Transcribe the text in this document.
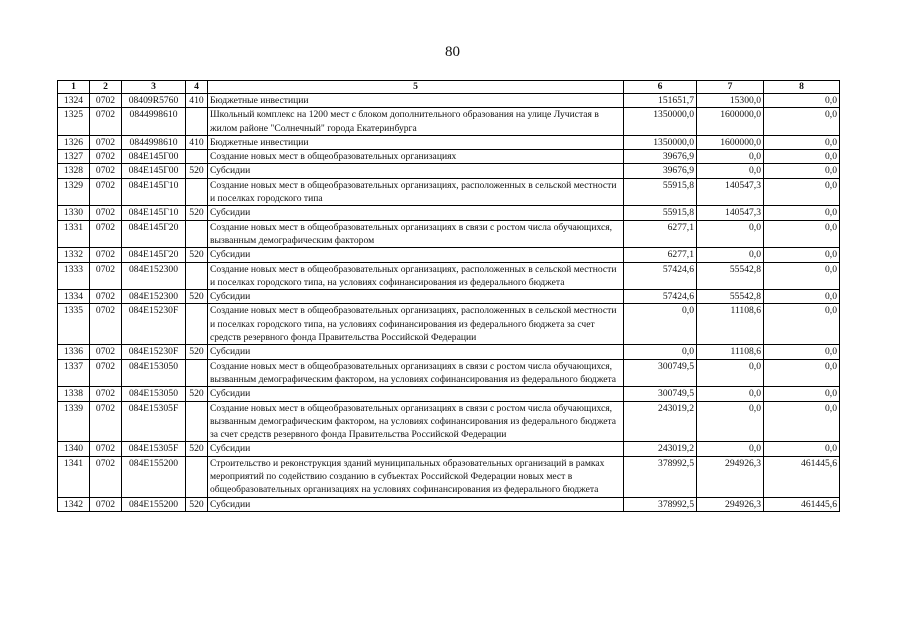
80
1	2	3	4	5	6	7	8
1324	0702	08409R5760	410	Бюджетные инвестиции	151651,7	15300,0	0,0
1325	0702	0844998610		Школьный комплекс на 1200 мест с блоком дополнительного образования на улице Лучистая в жилом районе "Солнечный" города Екатеринбурга	1350000,0	1600000,0	0,0
1326	0702	0844998610	410	Бюджетные инвестиции	1350000,0	1600000,0	0,0
1327	0702	084E145Г00		Создание новых мест в общеобразовательных организациях	39676,9	0,0	0,0
1328	0702	084E145Г00	520	Субсидии	39676,9	0,0	0,0
1329	0702	084E145Г10		Создание новых мест в общеобразовательных организациях, расположенных в сельской местности и поселках городского типа	55915,8	140547,3	0,0
1330	0702	084E145Г10	520	Субсидии	55915,8	140547,3	0,0
1331	0702	084E145Г20		Создание новых мест в общеобразовательных организациях в связи с ростом числа обучающихся, вызванным демографическим фактором	6277,1	0,0	0,0
1332	0702	084E145Г20	520	Субсидии	6277,1	0,0	0,0
1333	0702	084E152300		Создание новых мест в общеобразовательных организациях, расположенных в сельской местности и поселках городского типа, на условиях софинансирования из федерального бюджета	57424,6	55542,8	0,0
1334	0702	084E152300	520	Субсидии	57424,6	55542,8	0,0
1335	0702	084E15230F		Создание новых мест в общеобразовательных организациях, расположенных в сельской местности и поселках городского типа, на условиях софинансирования из федерального бюджета за счет средств резервного фонда Правительства Российской Федерации	0,0	11108,6	0,0
1336	0702	084E15230F	520	Субсидии	0,0	11108,6	0,0
1337	0702	084E153050		Создание новых мест в общеобразовательных организациях в связи с ростом числа обучающихся, вызванным демографическим фактором, на условиях софинансирования из федерального бюджета	300749,5	0,0	0,0
1338	0702	084E153050	520	Субсидии	300749,5	0,0	0,0
1339	0702	084E15305F		Создание новых мест в общеобразовательных организациях в связи с ростом числа обучающихся, вызванным демографическим фактором, на условиях софинансирования из федерального бюджета за счет средств резервного фонда Правительства Российской Федерации	243019,2	0,0	0,0
1340	0702	084E15305F	520	Субсидии	243019,2	0,0	0,0
1341	0702	084E155200		Строительство и реконструкция зданий муниципальных образовательных организаций в рамках мероприятий по содействию созданию в субъектах Российской Федерации новых мест в общеобразовательных организациях на условиях софинансирования из федерального бюджета	378992,5	294926,3	461445,6
1342	0702	084E155200	520	Субсидии	378992,5	294926,3	461445,6
